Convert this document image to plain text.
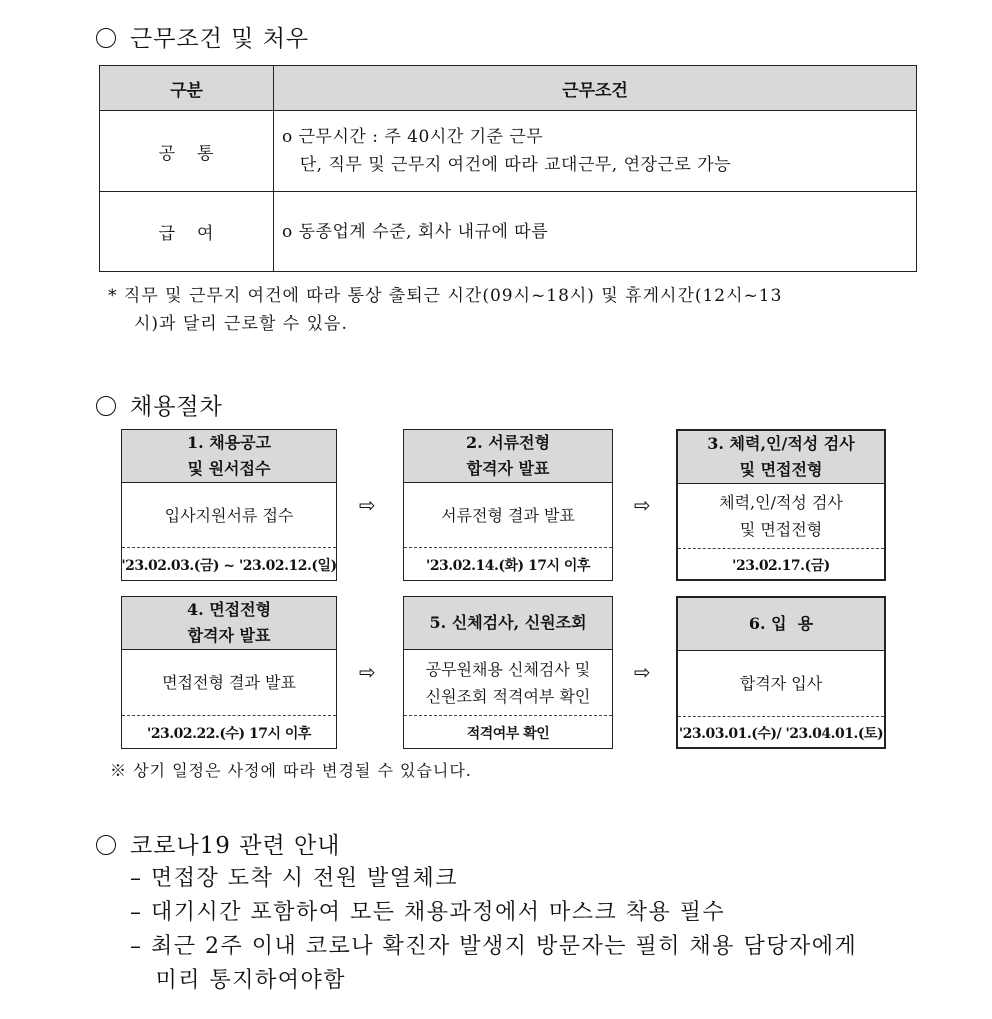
근무조건 및 처우
구분	근무조건
공통	o 근무시간 : 주 40시간 기준 근무
단, 직무 및 근무지 여건에 따라 교대근무, 연장근로 가능

급여	o 동종업계 수준, 회사 내규에 따름
* 직무 및 근무지 여건에 따라 통상 출퇴근 시간(09시~18시) 및 휴게시간(12시~13
시)과 달리 근로할 수 있음.
채용절차
1. 채용공고
및 원서접수
입사지원서류 접수
'23.02.03.(금) ~ '23.02.12.(일)
⇨
2. 서류전형
합격자 발표
서류전형 결과 발표
'23.02.14.(화) 17시 이후
⇨
3. 체력,인/적성 검사
및 면접전형
체력,인/적성 검사
및 면접전형
'23.02.17.(금)
4. 면접전형
합격자 발표
면접전형 결과 발표
'23.02.22.(수) 17시 이후
⇨
5. 신체검사, 신원조회
공무원채용 신체검사 및
신원조회 적격여부 확인
적격여부 확인
⇨
6. 입  용
합격자 입사
'23.03.01.(수)/ '23.04.01.(토)
※ 상기 일정은 사정에 따라 변경될 수 있습니다.
코로나19 관련 안내
– 면접장 도착 시 전원 발열체크
– 대기시간 포함하여 모든 채용과정에서 마스크 착용 필수
– 최근 2주 이내 코로나 확진자 발생지 방문자는 필히 채용 담당자에게
미리 통지하여야함
